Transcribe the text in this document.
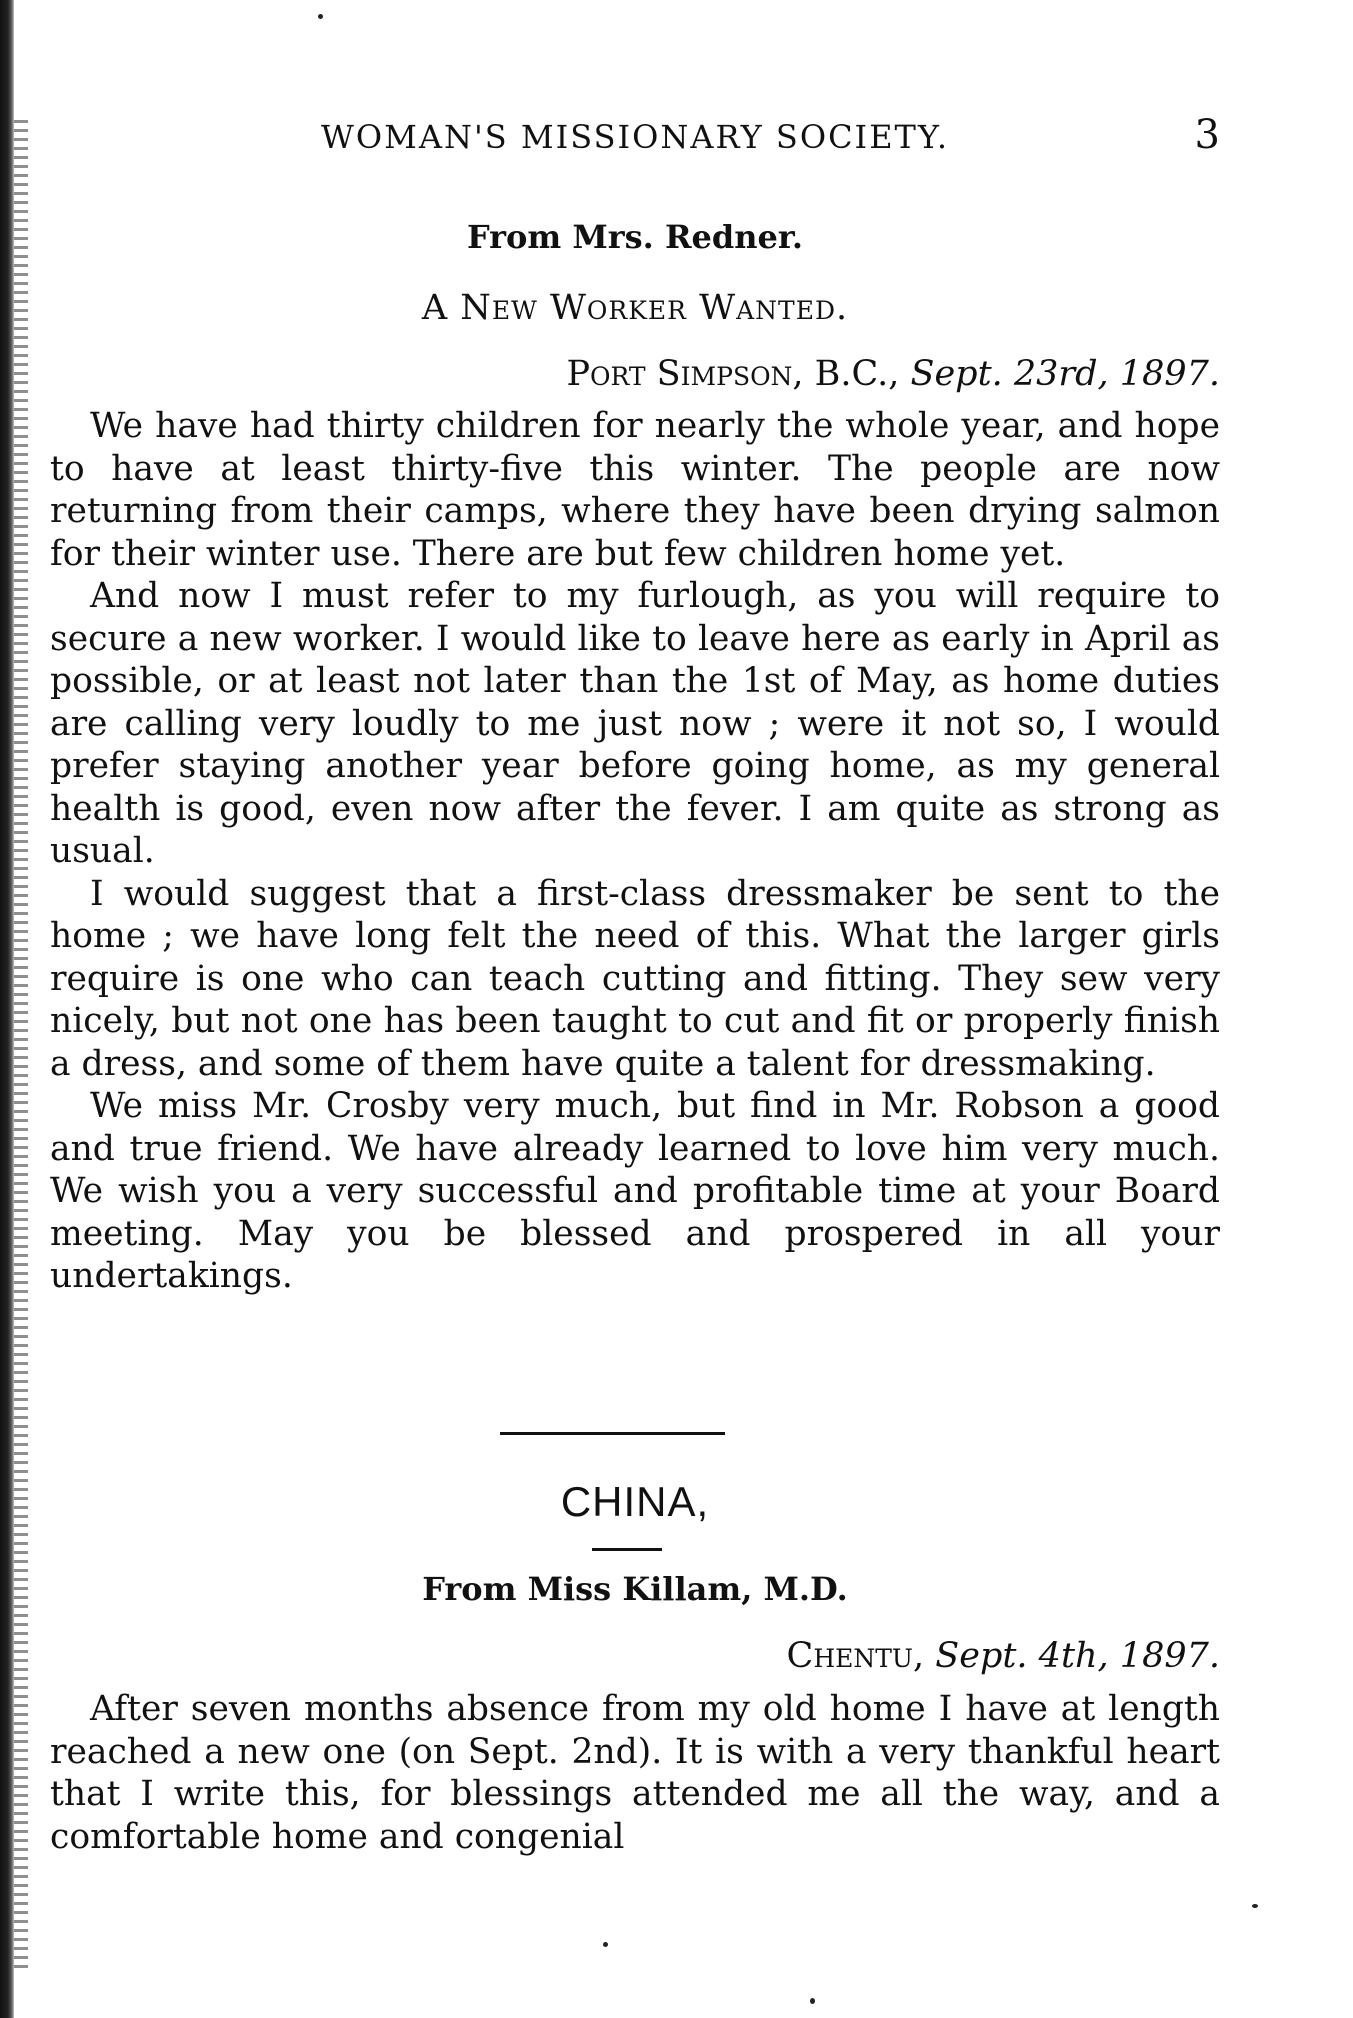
WOMAN'S MISSIONARY SOCIETY.	3
From Mrs. Redner.
A New Worker Wanted.
Port Simpson, B.C., Sept. 23rd, 1897.

We have had thirty children for nearly the whole year, and hope to have at least thirty-five this winter. The people are now returning from their camps, where they have been drying salmon for their winter use. There are but few children home yet.

And now I must refer to my furlough, as you will require to secure a new worker. I would like to leave here as early in April as possible, or at least not later than the 1st of May, as home duties are calling very loudly to me just now ; were it not so, I would prefer staying another year before going home, as my general health is good, even now after the fever. I am quite as strong as usual.

I would suggest that a first-class dressmaker be sent to the home ; we have long felt the need of this. What the larger girls require is one who can teach cutting and fitting. They sew very nicely, but not one has been taught to cut and fit or properly finish a dress, and some of them have quite a talent for dressmaking.

We miss Mr. Crosby very much, but find in Mr. Robson a good and true friend. We have already learned to love him very much. We wish you a very successful and profitable time at your Board meeting. May you be blessed and prospered in all your undertakings.

CHINA,
From Miss Killam, M.D.
Chentu, Sept. 4th, 1897.

After seven months absence from my old home I have at length reached a new one (on Sept. 2nd). It is with a very thankful heart that I write this, for blessings attended me all the way, and a comfortable home and congenial
